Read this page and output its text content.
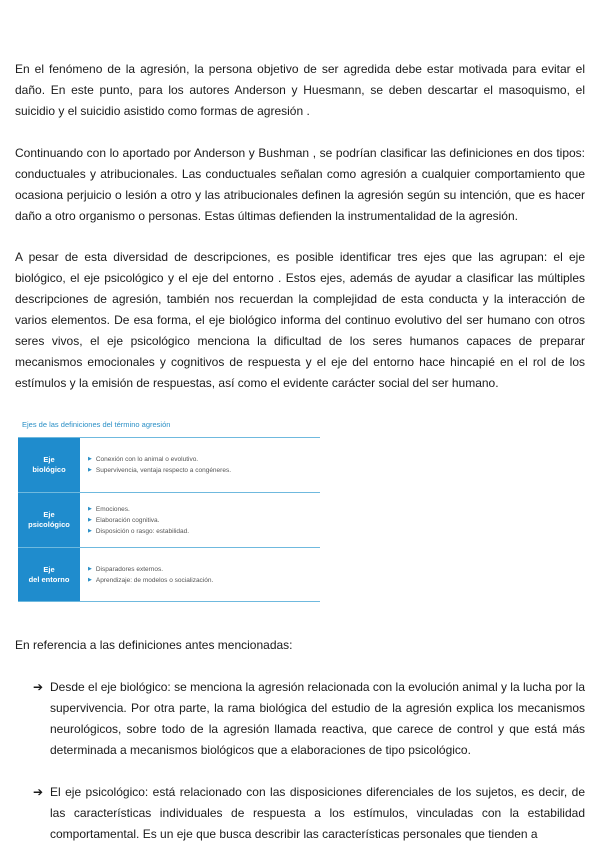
En el fenómeno de la agresión, la persona objetivo de ser agredida debe estar motivada para evitar el daño. En este punto, para los autores Anderson y Huesmann, se deben descartar el masoquismo, el suicidio y el suicidio asistido como formas de agresión .

Continuando con lo aportado por Anderson y Bushman , se podrían clasificar las definiciones en dos tipos: conductuales y atribucionales. Las conductuales señalan como agresión a cualquier comportamiento que ocasiona perjuicio o lesión a otro y las atribucionales definen la agresión según su intención, que es hacer daño a otro organismo o personas. Estas últimas defienden la instrumentalidad de la agresión.

A pesar de esta diversidad de descripciones, es posible identificar tres ejes que las agrupan: el eje biológico, el eje psicológico y el eje del entorno . Estos ejes, además de ayudar a clasificar las múltiples descripciones de agresión, también nos recuerdan la complejidad de esta conducta y la interacción de varios elementos. De esa forma, el eje biológico informa del continuo evolutivo del ser humano con otros seres vivos, el eje psicológico menciona la dificultad de los seres humanos capaces de preparar mecanismos emocionales y cognitivos de respuesta y el eje del entorno hace hincapié en el rol de los estímulos y la emisión de respuestas, así como el evidente carácter social del ser humano.

Ejes de las definiciones del término agresión
Eje
biológico
▶ Conexión con lo animal o evolutivo.
▶ Supervivencia, ventaja respecto a congéneres.
Eje
psicológico
▶ Emociones.
▶ Elaboración cognitiva.
▶ Disposición o rasgo: estabilidad.
Eje
del entorno
▶ Disparadores externos.
▶ Aprendizaje: de modelos o socialización.

En referencia a las definiciones antes mencionadas:

➔ Desde el eje biológico: se menciona la agresión relacionada con la evolución animal y la lucha por la supervivencia. Por otra parte, la rama biológica del estudio de la agresión explica los mecanismos neurológicos, sobre todo de la agresión llamada reactiva, que carece de control y que está más determinada a mecanismos biológicos que a elaboraciones de tipo psicológico.
➔ El eje psicológico: está relacionado con las disposiciones diferenciales de los sujetos, es decir, de las características individuales de respuesta a los estímulos, vinculadas con la estabilidad comportamental. Es un eje que busca describir las características personales que tienden a
